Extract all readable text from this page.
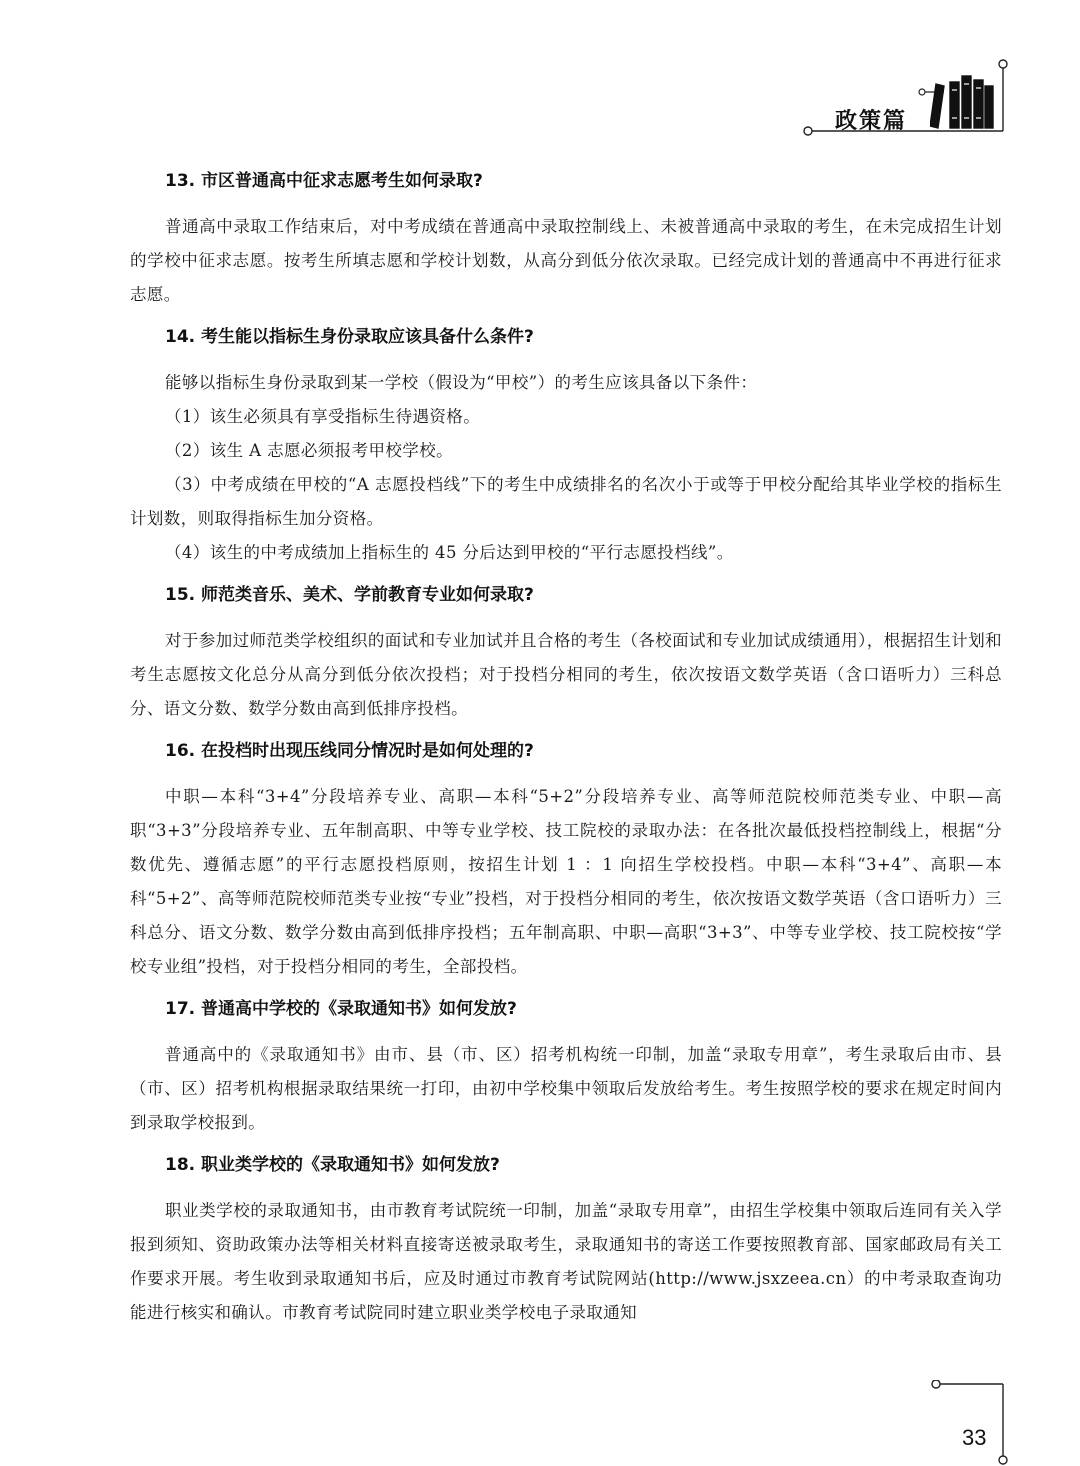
政策篇
13. 市区普通高中征求志愿考生如何录取?

普通高中录取工作结束后，对中考成绩在普通高中录取控制线上、未被普通高中录取的考生，在未完成招生计划的学校中征求志愿。按考生所填志愿和学校计划数，从高分到低分依次录取。已经完成计划的普通高中不再进行征求志愿。

14. 考生能以指标生身份录取应该具备什么条件?

能够以指标生身份录取到某一学校（假设为“甲校”）的考生应该具备以下条件：

（1）该生必须具有享受指标生待遇资格。

（2）该生 A 志愿必须报考甲校学校。

（3）中考成绩在甲校的“A 志愿投档线”下的考生中成绩排名的名次小于或等于甲校分配给其毕业学校的指标生计划数，则取得指标生加分资格。

（4）该生的中考成绩加上指标生的 45 分后达到甲校的“平行志愿投档线”。

15. 师范类音乐、美术、学前教育专业如何录取?

对于参加过师范类学校组织的面试和专业加试并且合格的考生（各校面试和专业加试成绩通用），根据招生计划和考生志愿按文化总分从高分到低分依次投档；对于投档分相同的考生，依次按语文数学英语（含口语听力）三科总分、语文分数、数学分数由高到低排序投档。

16. 在投档时出现压线同分情况时是如何处理的?

中职—本科“3+4”分段培养专业、高职—本科“5+2”分段培养专业、高等师范院校师范类专业、中职—高职“3+3”分段培养专业、五年制高职、中等专业学校、技工院校的录取办法：在各批次最低投档控制线上，根据“分数优先、遵循志愿”的平行志愿投档原则，按招生计划 1 ：1 向招生学校投档。中职—本科“3+4”、高职—本科“5+2”、高等师范院校师范类专业按“专业”投档，对于投档分相同的考生，依次按语文数学英语（含口语听力）三科总分、语文分数、数学分数由高到低排序投档；五年制高职、中职—高职“3+3”、中等专业学校、技工院校按“学校专业组”投档，对于投档分相同的考生，全部投档。

17. 普通高中学校的《录取通知书》如何发放?

普通高中的《录取通知书》由市、县（市、区）招考机构统一印制，加盖“录取专用章”，考生录取后由市、县（市、区）招考机构根据录取结果统一打印，由初中学校集中领取后发放给考生。考生按照学校的要求在规定时间内到录取学校报到。

18. 职业类学校的《录取通知书》如何发放?

职业类学校的录取通知书，由市教育考试院统一印制，加盖“录取专用章”，由招生学校集中领取后连同有关入学报到须知、资助政策办法等相关材料直接寄送被录取考生，录取通知书的寄送工作要按照教育部、国家邮政局有关工作要求开展。考生收到录取通知书后，应及时通过市教育考试院网站(http://www.jsxzeea.cn）的中考录取查询功能进行核实和确认。市教育考试院同时建立职业类学校电子录取通知

33
